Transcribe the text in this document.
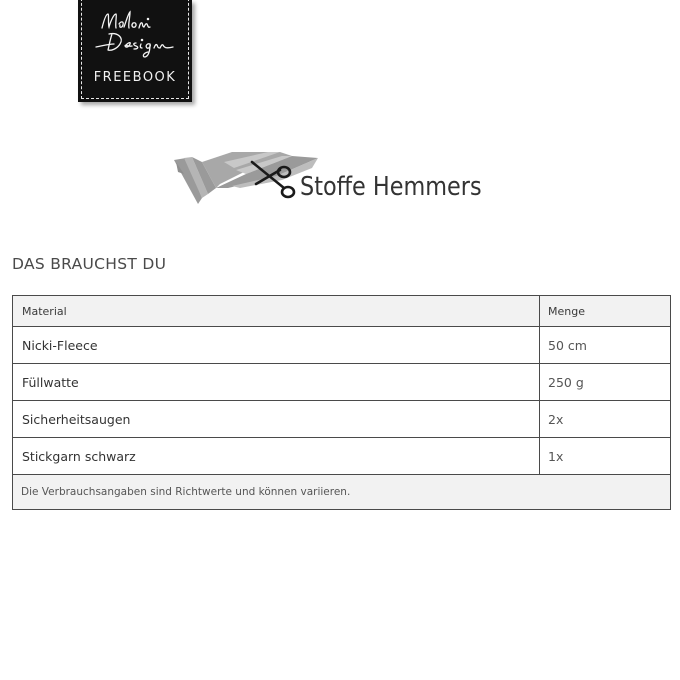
FREEBOOK
Stoffe Hemmers
DAS BRAUCHST DU
Material	Menge
Nicki-Fleece	50 cm
Füllwatte	250 g
Sicherheitsaugen	2x
Stickgarn schwarz	1x
Die Verbrauchsangaben sind Richtwerte und können variieren.
